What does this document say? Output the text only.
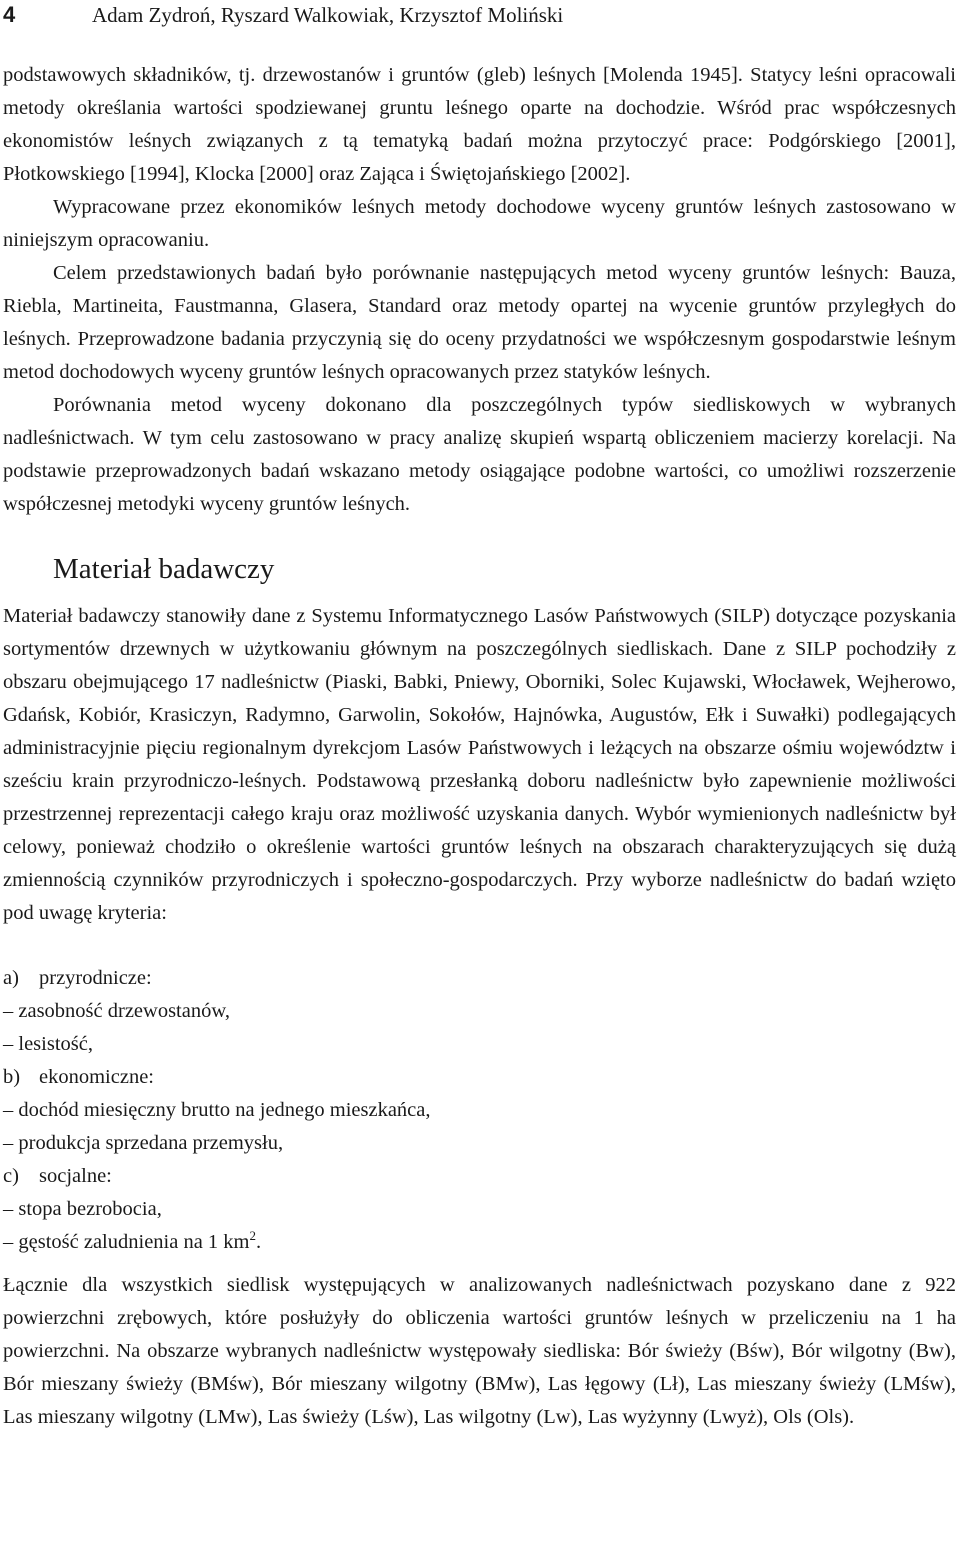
4	Adam Zydroń, Ryszard Walkowiak, Krzysztof Moliński

podstawowych składników, tj. drzewostanów i gruntów (gleb) leśnych [Molenda 1945]. Statycy leśni opracowali metody określania wartości spodziewanej gruntu leśnego oparte na dochodzie. Wśród prac współczesnych ekonomistów leśnych związanych z tą tematyką badań można przytoczyć prace: Podgórskiego [2001], Płotkowskiego [1994], Klocka [2000] oraz Zająca i Świętojańskiego [2002].

Wypracowane przez ekonomików leśnych metody dochodowe wyceny gruntów leśnych zastosowano w niniejszym opracowaniu.

Celem przedstawionych badań było porównanie następujących metod wyceny gruntów leśnych: Bauza, Riebla, Martineita, Faustmanna, Glasera, Standard oraz metody opartej na wycenie gruntów przyległych do leśnych. Przeprowadzone badania przyczynią się do oceny przydatności we współczesnym gospodarstwie leśnym metod dochodowych wyceny gruntów leśnych opracowanych przez statyków leśnych.

Porównania metod wyceny dokonano dla poszczególnych typów siedliskowych w wybranych nadleśnictwach. W tym celu zastosowano w pracy analizę skupień wspartą obliczeniem macierzy korelacji. Na podstawie przeprowadzonych badań wskazano metody osiągające podobne wartości, co umożliwi rozszerzenie współczesnej metodyki wyceny gruntów leśnych.

Materiał badawczy

Materiał badawczy stanowiły dane z Systemu Informatycznego Lasów Państwowych (SILP) dotyczące pozyskania sortymentów drzewnych w użytkowaniu głównym na poszczególnych siedliskach. Dane z SILP pochodziły z obszaru obejmującego 17 nadleśnictw (Piaski, Babki, Pniewy, Oborniki, Solec Kujawski, Włocławek, Wejherowo, Gdańsk, Kobiór, Krasiczyn, Radymno, Garwolin, Sokołów, Hajnówka, Augustów, Ełk i Suwałki) podlegających administracyjnie pięciu regionalnym dyrekcjom Lasów Państwowych i leżących na obszarze ośmiu województw i sześciu krain przyrodniczo-leśnych. Podstawową przesłanką doboru nadleśnictw było zapewnienie możliwości przestrzennej reprezentacji całego kraju oraz możliwość uzyskania danych. Wybór wymienionych nadleśnictw był celowy, ponieważ chodziło o określenie wartości gruntów leśnych na obszarach charakteryzujących się dużą zmiennością czynników przyrodniczych i społeczno-gospodarczych. Przy wyborze nadleśnictw do badań wzięto pod uwagę kryteria:

a) przyrodnicze:
– zasobność drzewostanów,
– lesistość,
b) ekonomiczne:
– dochód miesięczny brutto na jednego mieszkańca,
– produkcja sprzedana przemysłu,
c) socjalne:
– stopa bezrobocia,
– gęstość zaludnienia na 1 $km^2$.

Łącznie dla wszystkich siedlisk występujących w analizowanych nadleśnictwach pozyskano dane z 922 powierzchni zrębowych, które posłużyły do obliczenia wartości gruntów leśnych w przeliczeniu na 1 ha powierzchni. Na obszarze wybranych nadleśnictw występowały siedliska: Bór świeży (Bśw), Bór wilgotny (Bw), Bór mieszany świeży (BMśw), Bór mieszany wilgotny (BMw), Las łęgowy (Lł), Las mieszany świeży (LMśw), Las mieszany wilgotny (LMw), Las świeży (Lśw), Las wilgotny (Lw), Las wyżynny (Lwyż), Ols (Ols).
